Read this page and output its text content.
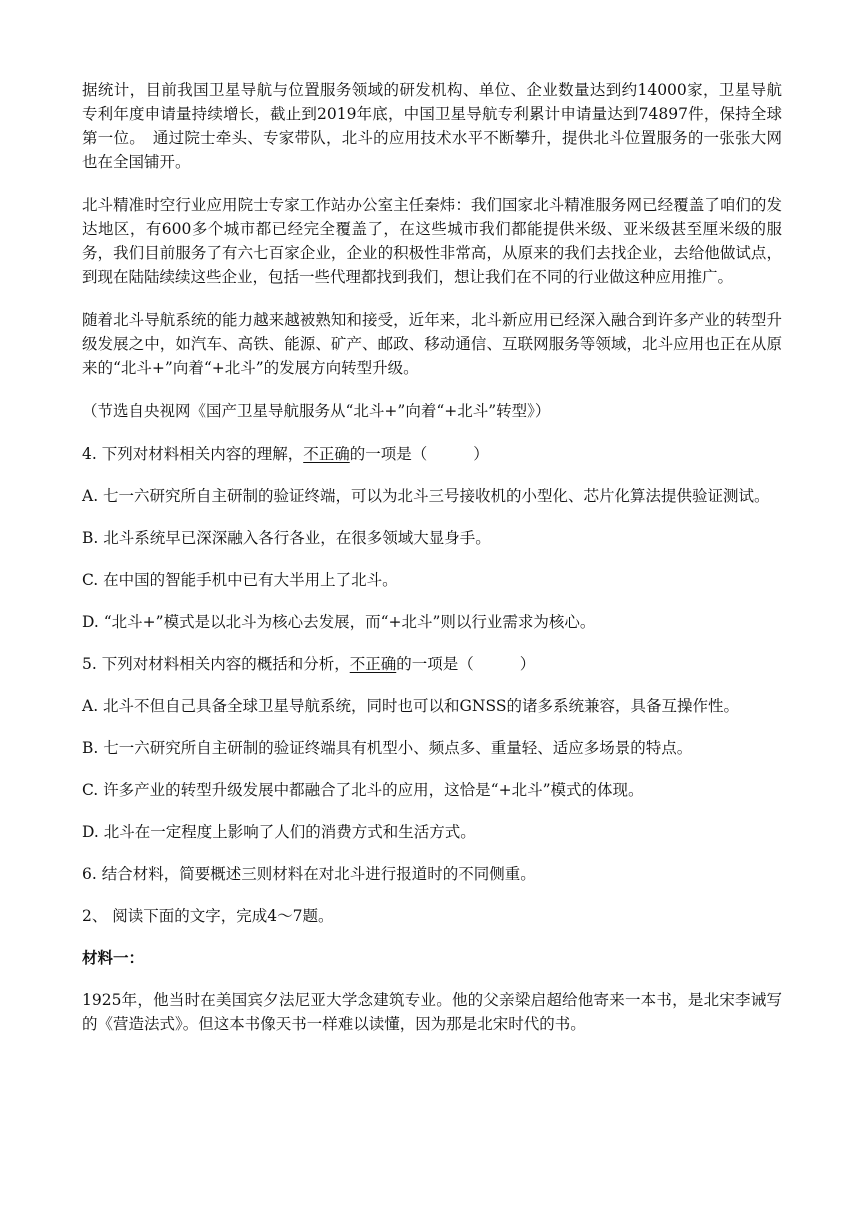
据统计，目前我国卫星导航与位置服务领域的研发机构、单位、企业数量达到约14000家，卫星导航专利年度申请量持续增长，截止到2019年底，中国卫星导航专利累计申请量达到74897件，保持全球第一位。　通过院士牵头、专家带队，北斗的应用技术水平不断攀升，提供北斗位置服务的一张张大网也在全国铺开。

北斗精准时空行业应用院士专家工作站办公室主任秦炜：我们国家北斗精准服务网已经覆盖了咱们的发达地区，有600多个城市都已经完全覆盖了，在这些城市我们都能提供米级、亚米级甚至厘米级的服务，我们目前服务了有六七百家企业，企业的积极性非常高，从原来的我们去找企业，去给他做试点，到现在陆陆续续这些企业，包括一些代理都找到我们，想让我们在不同的行业做这种应用推广。

随着北斗导航系统的能力越来越被熟知和接受，近年来，北斗新应用已经深入融合到许多产业的转型升级发展之中，如汽车、高铁、能源、矿产、邮政、移动通信、互联网服务等领域，北斗应用也正在从原来的“北斗+”向着“+北斗”的发展方向转型升级。

（节选自央视网《国产卫星导航服务从“北斗+”向着“+北斗”转型》）

4. 下列对材料相关内容的理解，不正确的一项是（	）

A. 七一六研究所自主研制的验证终端，可以为北斗三号接收机的小型化、芯片化算法提供验证测试。

B. 北斗系统早已深深融入各行各业，在很多领域大显身手。

C. 在中国的智能手机中已有大半用上了北斗。

D. “北斗+”模式是以北斗为核心去发展，而“+北斗”则以行业需求为核心。

5. 下列对材料相关内容的概括和分析，不正确的一项是（	）

A. 北斗不但自己具备全球卫星导航系统，同时也可以和GNSS的诸多系统兼容，具备互操作性。

B. 七一六研究所自主研制的验证终端具有机型小、频点多、重量轻、适应多场景的特点。

C. 许多产业的转型升级发展中都融合了北斗的应用，这恰是“+北斗”模式的体现。

D. 北斗在一定程度上影响了人们的消费方式和生活方式。

6. 结合材料，简要概述三则材料在对北斗进行报道时的不同侧重。

2、 阅读下面的文字，完成4～7题。

材料一：

1925年，他当时在美国宾夕法尼亚大学念建筑专业。他的父亲梁启超给他寄来一本书，是北宋李诫写的《营造法式》。但这本书像天书一样难以读懂，因为那是北宋时代的书。
